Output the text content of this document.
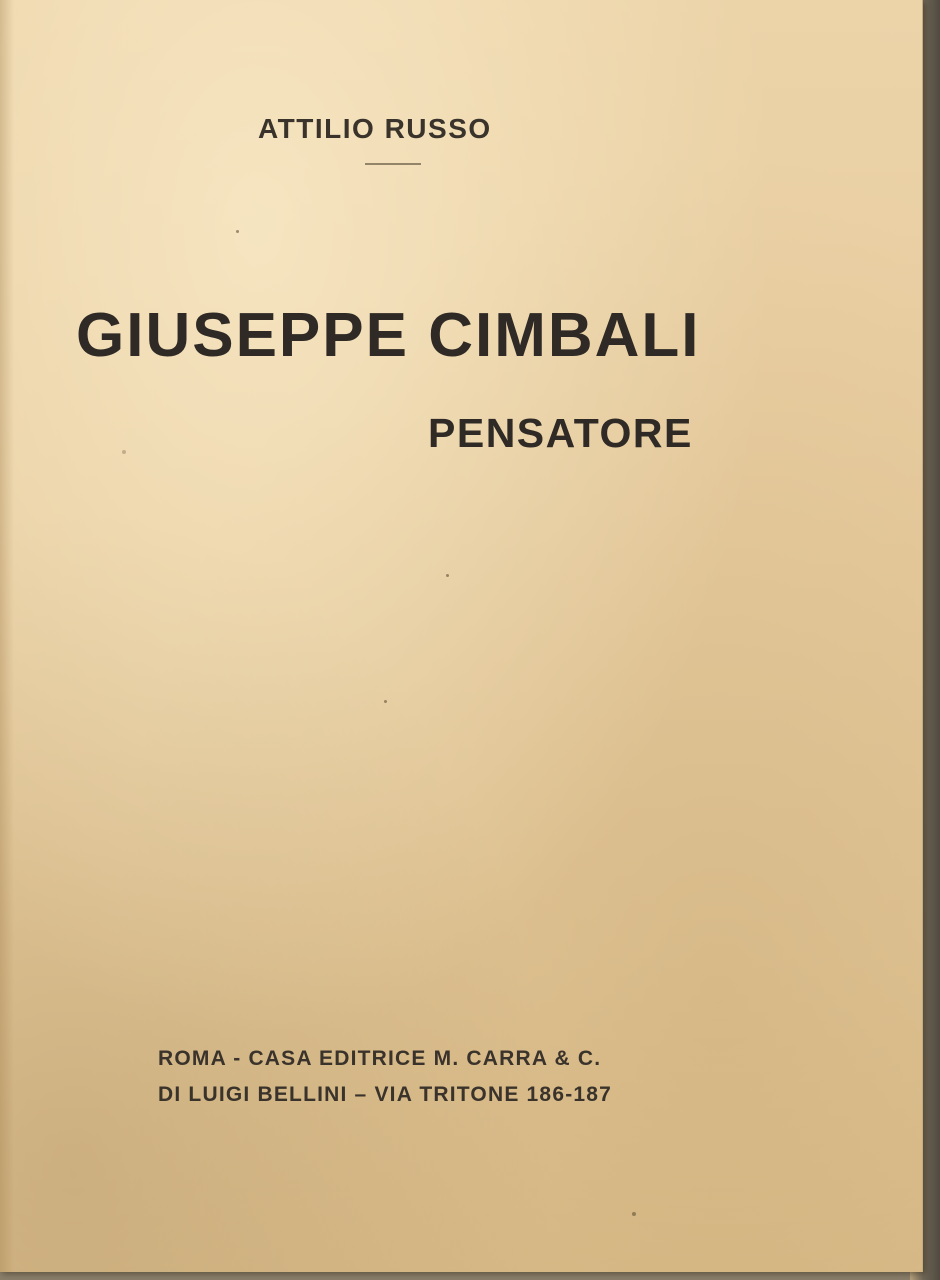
ATTILIO RUSSO
GIUSEPPE CIMBALI
PENSATORE
ROMA - CASA EDITRICE M. CARRA & C.
DI LUIGI BELLINI – VIA TRITONE 186-187
